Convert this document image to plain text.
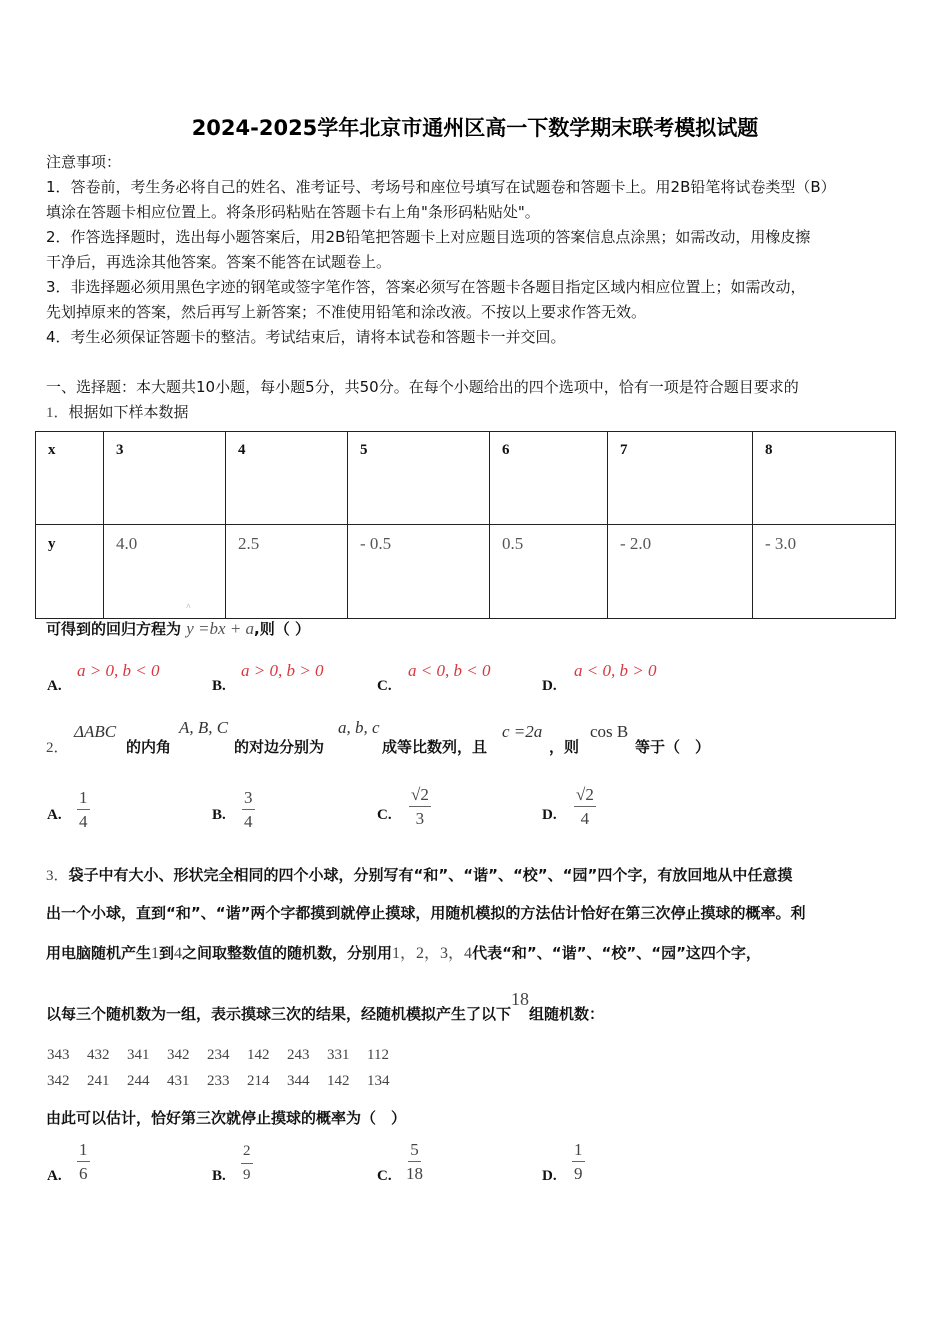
2024-2025学年北京市通州区高一下数学期末联考模拟试题
注意事项：
1．答卷前，考生务必将自己的姓名、准考证号、考场号和座位号填写在试题卷和答题卡上。用2B铅笔将试卷类型（B）
填涂在答题卡相应位置上。将条形码粘贴在答题卡右上角"条形码粘贴处"。
2．作答选择题时，选出每小题答案后，用2B铅笔把答题卡上对应题目选项的答案信息点涂黑；如需改动，用橡皮擦
干净后，再选涂其他答案。答案不能答在试题卷上。
3．非选择题必须用黑色字迹的钢笔或签字笔作答，答案必须写在答题卡各题目指定区域内相应位置上；如需改动，
先划掉原来的答案，然后再写上新答案；不准使用铅笔和涂改液。不按以上要求作答无效。
4．考生必须保证答题卡的整洁。考试结束后，请将本试卷和答题卡一并交回。
一、选择题：本大题共10小题，每小题5分，共50分。在每个小题给出的四个选项中，恰有一项是符合题目要求的
1．根据如下样本数据
x	3	4	5	6	7	8
y	4.0	2.5	- 0.5	0.5	- 2.0	- 3.0
可得到的回归方程为
^
y =bx + a,则（ ）
A.
a > 0, b < 0
B.
a > 0, b > 0
C.
a < 0, b < 0
D.
a < 0, b > 0
2．
ΔABC
的内角
A, B, C
的对边分别为
a, b, c
成等比数列，且
c =2a
，则
cos B
等于（　）
A. $\frac{1}{4}$	B. $\frac{3}{4}$	C. $\frac{√2}{3}$	D. $\frac{√2}{4}$
3．袋子中有大小、形状完全相同的四个小球，分别写有“和”、“谐”、“校”、“园”四个字，有放回地从中任意摸
出一个小球，直到“和”、“谐”两个字都摸到就停止摸球，用随机模拟的方法估计恰好在第三次停止摸球的概率。利
用电脑随机产生1到4之间取整数值的随机数，分别用1，2，3，4代表“和”、“谐”、“校”、“园”这四个字，
以每三个随机数为一组，表示摸球三次的结果，经随机模拟产生了以下18组随机数：
343 432 341 342 234 142 243 331 112
342 241 244 431 233 214 344 142 134
由此可以估计，恰好第三次就停止摸球的概率为（　）
A. $\frac{1}{6}$	B. $\frac{2}{9}$	C. $\frac{5}{18}$	D. $\frac{1}{9}$
